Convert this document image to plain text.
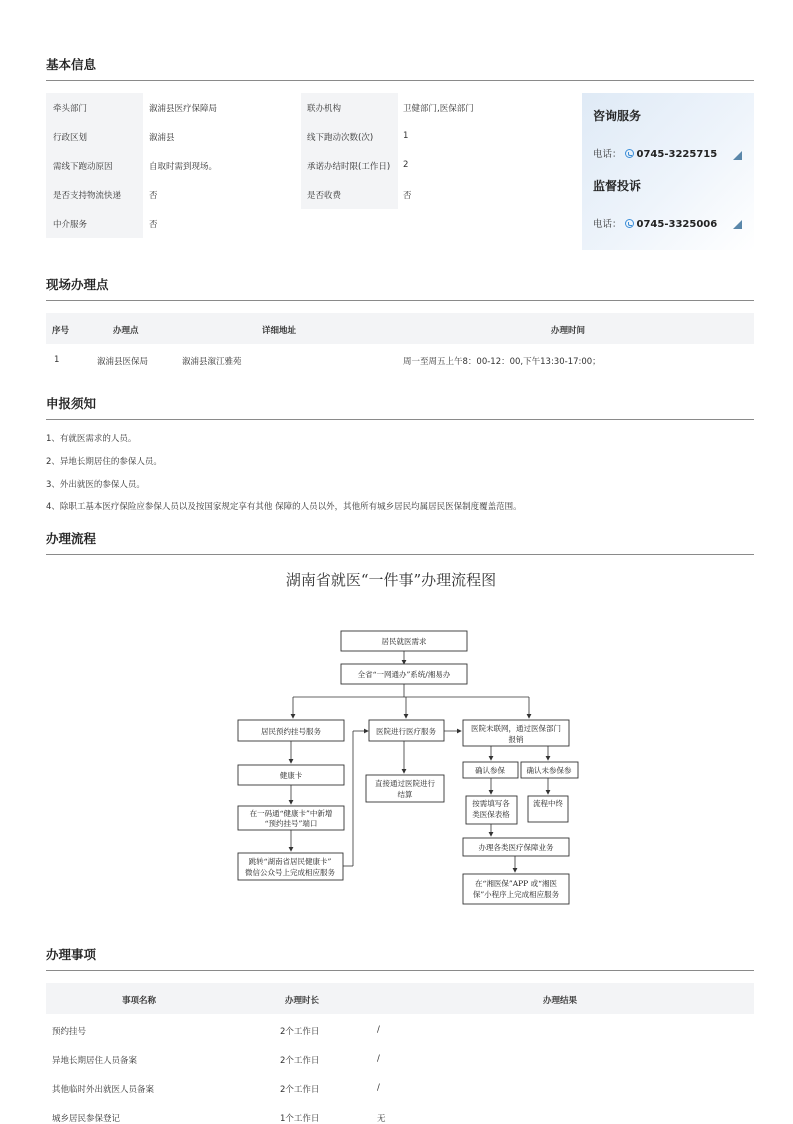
基本信息
牵头部门	溆浦县医疗保障局	联办机构	卫健部门,医保部门
行政区划	溆浦县	线下跑动次数(次)	1
需线下跑动原因	自取时需到现场。	承诺办结时限(工作日) 2
是否支持物流快递	否	是否收费	否
中介服务	否
咨询服务
电话： 0745-3225715
监督投诉
电话： 0745-3325006
现场办理点
序号	办理点	详细地址	办理时间
1	溆浦县医保局	溆浦县溆江雅苑	周一至周五上午8：00-12：00,下午13:30-17:00；
申报须知
1、有就医需求的人员。
2、异地长期居住的参保人员。
3、外出就医的参保人员。
4、除职工基本医疗保险应参保人员以及按国家规定享有其他 保障的人员以外，其他所有城乡居民均属居民医保制度覆盖范围。
办理流程
湖南省就医“一件事”办理流程图
居民就医需求
全省“一网通办”系统/湘易办
居民预约挂号服务
健康卡
在一码通“健康卡”中新增
“预约挂号”端口
跳转“湖南省居民健康卡”
微信公众号上完成相应服务
医院进行医疗服务
直接通过医院进行
结算
医院未联网，通过医保部门
报销
确认参保	确认未参保参
按需填写各
类医保表格
流程中终
办理各类医疗保障业务
在“湘医保”APP 或“湘医
保”小程序上完成相应服务
办理事项
事项名称	办理时长	办理结果
预约挂号	2个工作日	/
异地长期居住人员备案	2个工作日	/
其他临时外出就医人员备案	2个工作日	/
城乡居民参保登记	1个工作日	无
